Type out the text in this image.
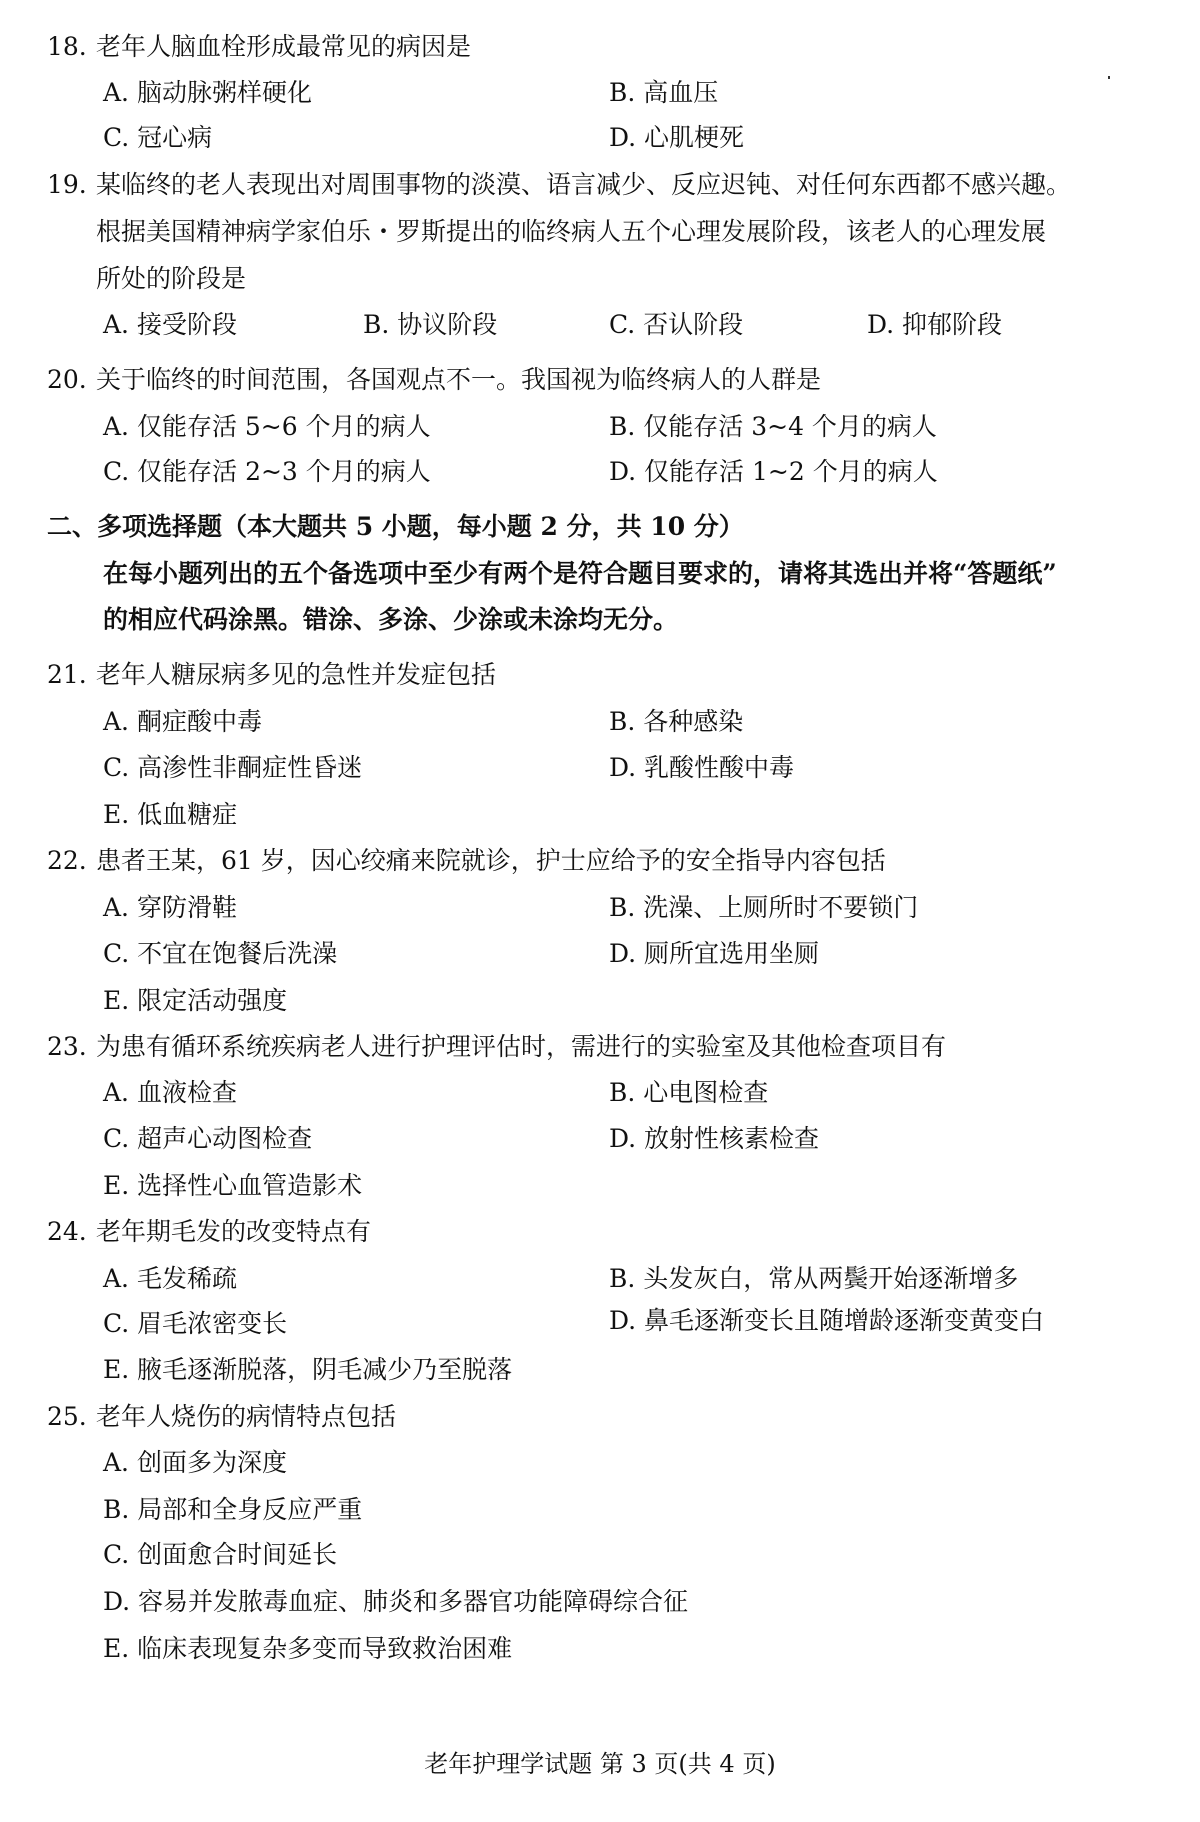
18. 老年人脑血栓形成最常见的病因是
A. 脑动脉粥样硬化	B. 高血压
C. 冠心病	D. 心肌梗死
19. 某临终的老人表现出对周围事物的淡漠、语言减少、反应迟钝、对任何东西都不感兴趣。
根据美国精神病学家伯乐・罗斯提出的临终病人五个心理发展阶段，该老人的心理发展
所处的阶段是
A. 接受阶段	B. 协议阶段	C. 否认阶段	D. 抑郁阶段
20. 关于临终的时间范围，各国观点不一。我国视为临终病人的人群是
A. 仅能存活 5~6 个月的病人	B. 仅能存活 3~4 个月的病人
C. 仅能存活 2~3 个月的病人	D. 仅能存活 1~2 个月的病人
二、多项选择题（本大题共 5 小题，每小题 2 分，共 10 分）
在每小题列出的五个备选项中至少有两个是符合题目要求的，请将其选出并将“答题纸”
的相应代码涂黑。错涂、多涂、少涂或未涂均无分。
21. 老年人糖尿病多见的急性并发症包括
A. 酮症酸中毒	B. 各种感染
C. 高渗性非酮症性昏迷	D. 乳酸性酸中毒
E. 低血糖症
22. 患者王某，61 岁，因心绞痛来院就诊，护士应给予的安全指导内容包括
A. 穿防滑鞋	B. 洗澡、上厕所时不要锁门
C. 不宜在饱餐后洗澡	D. 厕所宜选用坐厕
E. 限定活动强度
23. 为患有循环系统疾病老人进行护理评估时，需进行的实验室及其他检查项目有
A. 血液检查	B. 心电图检查
C. 超声心动图检查	D. 放射性核素检查
E. 选择性心血管造影术
24. 老年期毛发的改变特点有
A. 毛发稀疏	B. 头发灰白，常从两鬓开始逐渐增多
C. 眉毛浓密变长	D. 鼻毛逐渐变长且随增龄逐渐变黄变白
E. 腋毛逐渐脱落，阴毛减少乃至脱落
25. 老年人烧伤的病情特点包括
A. 创面多为深度
B. 局部和全身反应严重
C. 创面愈合时间延长
D. 容易并发脓毒血症、肺炎和多器官功能障碍综合征
E. 临床表现复杂多变而导致救治困难
老年护理学试题 第 3 页(共 4 页)
